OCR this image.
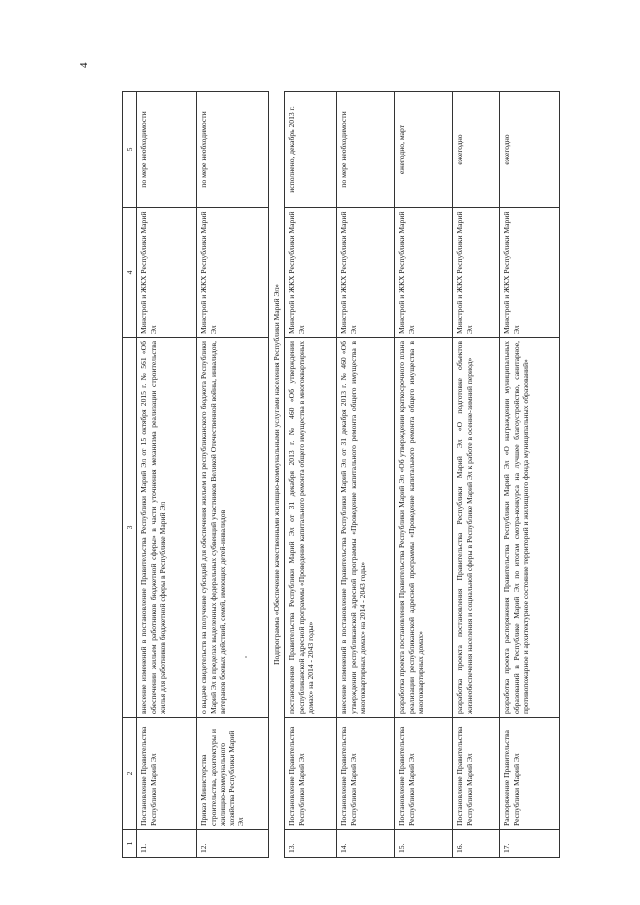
4
1	2	3	4	5
11.	Постановление Правительства Республики Марий Эл	внесение изменений в постановление Правительства Республики Марий Эл от 15 октября 2015 г. № 561 «Об обеспечении жильем работников бюджетной сферы» в части уточнения механизма реализации строительства жилья для работников бюджетной сферы в Республике Марий Эл	Минстрой и ЖКХ Республики Марий Эл	по мере необходимости
12.	Приказ Министерства строительства, архитектуры и жилищно-коммунального хозяйства Республики Марий Эл	о выдаче свидетельств на получение субсидий для обеспечения жильем из республиканского бюджета Республики Марий Эл в пределах выделенных федеральных субвенций участников Великой Отечественной войны, инвалидов, ветеранов боевых действий, семей, имеющих детей-инвалидов	Минстрой и ЖКХ Республики Марий Эл	по мере необходимости
Подпрограмма «Обеспечение качественными жилищно-коммунальными услугами населения Республики Марий Эл»				
13.	Постановление Правительства Республики Марий Эл	постановление Правительства Республики Марий Эл от 31 декабря 2013 г. № 460 «Об утверждении республиканской адресной программы «Проведение капитального ремонта общего имущества в многоквартирных домах» на 2014 - 2043 годы»	Минстрой и ЖКХ Республики Марий Эл	исполнено, декабрь 2013 г.
14.	Постановление Правительства Республики Марий Эл	внесение изменений в постановление Правительства Республики Марий Эл от 31 декабря 2013 г. № 460 «Об утверждении республиканской адресной программы «Проведение капитального ремонта общего имущества в многоквартирных домах» на 2014 - 2043 годы»	Минстрой и ЖКХ Республики Марий Эл	по мере необходимости
15.	Постановление Правительства Республики Марий Эл	разработка проекта постановления Правительства Республики Марий Эл «Об утверждении краткосрочного плана реализации республиканской адресной программы «Проведение капитального ремонта общего имущества в многоквартирных домах»	Минстрой и ЖКХ Республики Марий Эл	ежегодно, март
16.	Постановление Правительства Республики Марий Эл	разработка проекта постановления Правительства Республики Марий Эл «О подготовке объектов жизнеобеспечения населения и социальной сферы в Республике Марий Эл к работе в осенне-зимний период»	Минстрой и ЖКХ Республики Марий Эл	ежегодно
17.	Распоряжение Правительства Республики Марий Эл	разработка проекта распоряжения Правительства Республики Марий Эл «О награждении муниципальных образований в Республике Марий Эл по итогам смотра-конкурса на лучшее благоустройство, санитарное, противопожарное и архитектурное состояние территорий и жилищного фонда муниципальных образований»	Минстрой и ЖКХ Республики Марий Эл	ежегодно
